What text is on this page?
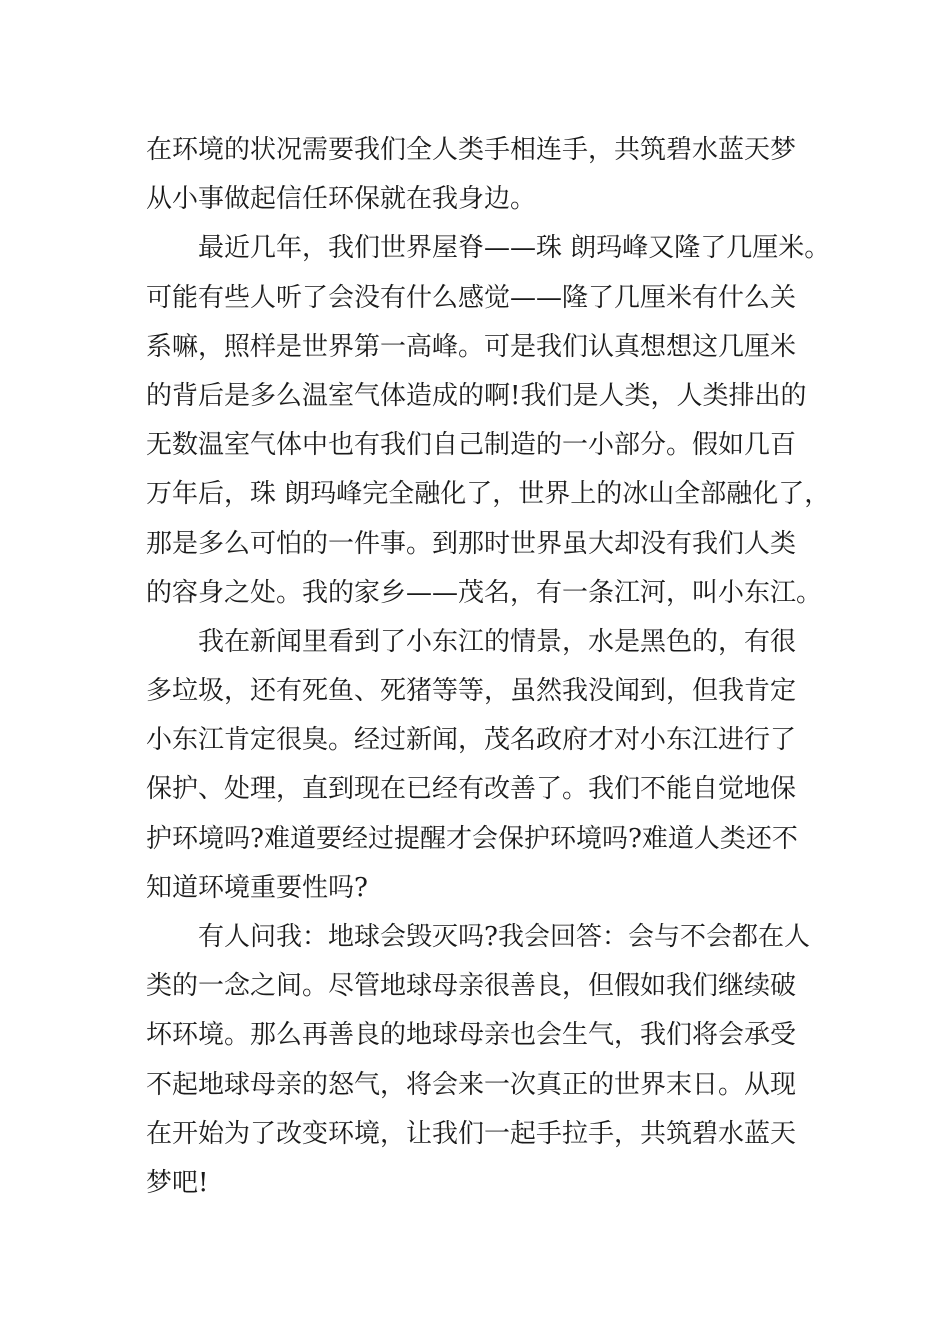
在环境的状况需要我们全人类手相连手，共筑碧水蓝天梦
从小事做起信任环保就在我身边。
最近几年，我们世界屋脊——珠 朗玛峰又隆了几厘米。
可能有些人听了会没有什么感觉——隆了几厘米有什么关
系嘛，照样是世界第一高峰。可是我们认真想想这几厘米
的背后是多么温室气体造成的啊!我们是人类，人类排出的
无数温室气体中也有我们自己制造的一小部分。假如几百
万年后，珠 朗玛峰完全融化了，世界上的冰山全部融化了，
那是多么可怕的一件事。到那时世界虽大却没有我们人类
的容身之处。我的家乡——茂名，有一条江河，叫小东江。
我在新闻里看到了小东江的情景，水是黑色的，有很
多垃圾，还有死鱼、死猪等等，虽然我没闻到，但我肯定
小东江肯定很臭。经过新闻，茂名政府才对小东江进行了
保护、处理，直到现在已经有改善了。我们不能自觉地保
护环境吗?难道要经过提醒才会保护环境吗?难道人类还不
知道环境重要性吗?
有人问我：地球会毁灭吗?我会回答：会与不会都在人
类的一念之间。尽管地球母亲很善良，但假如我们继续破
坏环境。那么再善良的地球母亲也会生气，我们将会承受
不起地球母亲的怒气，将会来一次真正的世界末日。从现
在开始为了改变环境，让我们一起手拉手，共筑碧水蓝天
梦吧!
